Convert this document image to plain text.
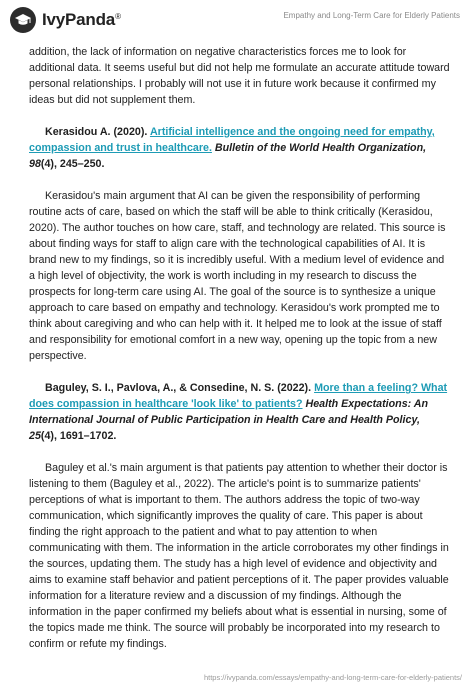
IvyPanda®	Empathy and Long-Term Care for Elderly Patients

addition, the lack of information on negative characteristics forces me to look for additional data. It seems useful but did not help me formulate an accurate attitude toward personal relationships. I probably will not use it in future work because it confirmed my ideas but did not supplement them.

Kerasidou A. (2020). Artificial intelligence and the ongoing need for empathy, compassion and trust in healthcare. Bulletin of the World Health Organization, 98(4), 245–250.

Kerasidou's main argument that AI can be given the responsibility of performing routine acts of care, based on which the staff will be able to think critically (Kerasidou, 2020). The author touches on how care, staff, and technology are related. This source is about finding ways for staff to align care with the technological capabilities of AI. It is brand new to my findings, so it is incredibly useful. With a medium level of evidence and a high level of objectivity, the work is worth including in my research to discuss the prospects for long-term care using AI. The goal of the source is to synthesize a unique approach to care based on empathy and technology. Kerasidou's work prompted me to think about caregiving and who can help with it. It helped me to look at the issue of staff and responsibility for emotional comfort in a new way, opening up the topic from a new perspective.

Baguley, S. I., Pavlova, A., & Consedine, N. S. (2022). More than a feeling? What does compassion in healthcare 'look like' to patients? Health Expectations: An International Journal of Public Participation in Health Care and Health Policy, 25(4), 1691–1702.

Baguley et al.'s main argument is that patients pay attention to whether their doctor is listening to them (Baguley et al., 2022). The article's point is to summarize patients' perceptions of what is important to them. The authors address the topic of two-way communication, which significantly improves the quality of care. This paper is about finding the right approach to the patient and what to pay attention to when communicating with them. The information in the article corroborates my other findings in the sources, updating them. The study has a high level of evidence and objectivity and aims to examine staff behavior and patient perceptions of it. The paper provides valuable information for a literature review and a discussion of my findings. Although the information in the paper confirmed my beliefs about what is essential in nursing, some of the topics made me think. The source will probably be incorporated into my research to confirm or refute my findings.

https://ivypanda.com/essays/empathy-and-long-term-care-for-elderly-patients/
